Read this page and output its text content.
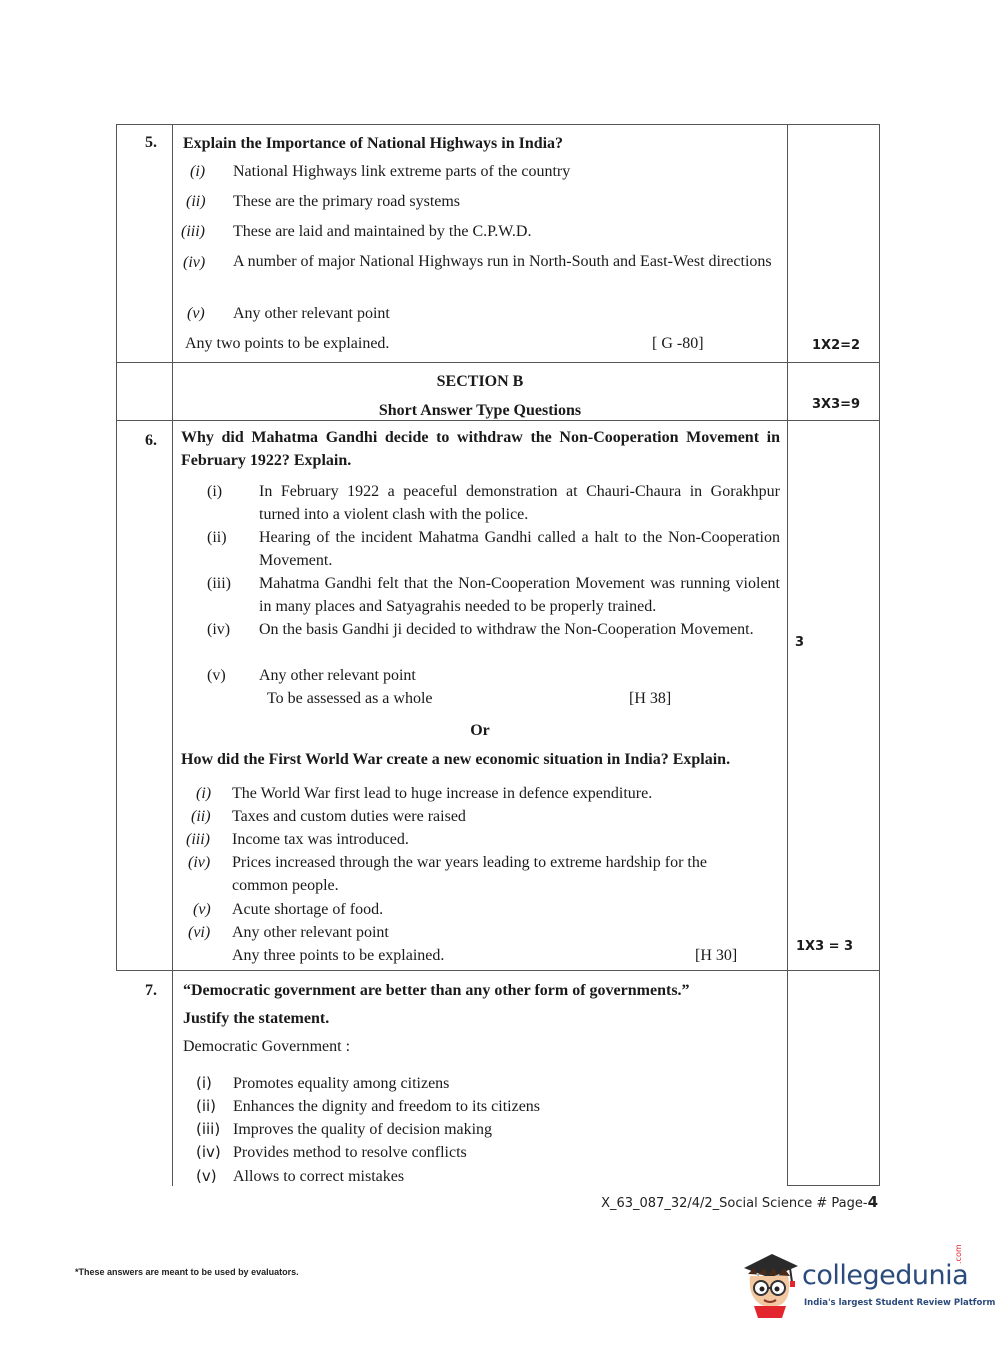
5. Explain the Importance of National Highways in India?
(i) National Highways link extreme parts of the country
(ii) These are the primary road systems
(iii) These are laid and maintained by the C.P.W.D.
(iv) A number of major National Highways run in North-South and East-West directions
(v) Any other relevant point
Any two points to be explained.	[ G -80]	1X2=2
SECTION B
Short Answer Type Questions	3X3=9
6. Why did Mahatma Gandhi decide to withdraw the Non-Cooperation Movement in February 1922? Explain.
(i) In February 1922 a peaceful demonstration at Chauri-Chaura in Gorakhpur turned into a violent clash with the police.
(ii) Hearing of the incident Mahatma Gandhi called a halt to the Non-Cooperation Movement.
(iii) Mahatma Gandhi felt that the Non-Cooperation Movement was running violent in many places and Satyagrahis needed to be properly trained.
(iv) On the basis Gandhi ji decided to withdraw the Non-Cooperation Movement.
(v) Any other relevant point
To be assessed as a whole	[H 38]
3
Or
How did the First World War create a new economic situation in India? Explain.
(i) The World War first lead to huge increase in defence expenditure.
(ii) Taxes and custom duties were raised
(iii) Income tax was introduced.
(iv) Prices increased through the war years leading to extreme hardship for the common people.
(v) Acute shortage of food.
(vi) Any other relevant point
Any three points to be explained.	[H 30]
1X3 = 3
7. “Democratic government are better than any other form of governments.”
Justify the statement.
Democratic Government :
(i) Promotes equality among citizens
(ii) Enhances the dignity and freedom to its citizens
(iii) Improves the quality of decision making
(iv) Provides method to resolve conflicts
(v) Allows to correct mistakes
X_63_087_32/4/2_Social Science # Page-4
*These answers are meant to be used by evaluators.	collegedunia
.com
India's largest Student Review Platform
